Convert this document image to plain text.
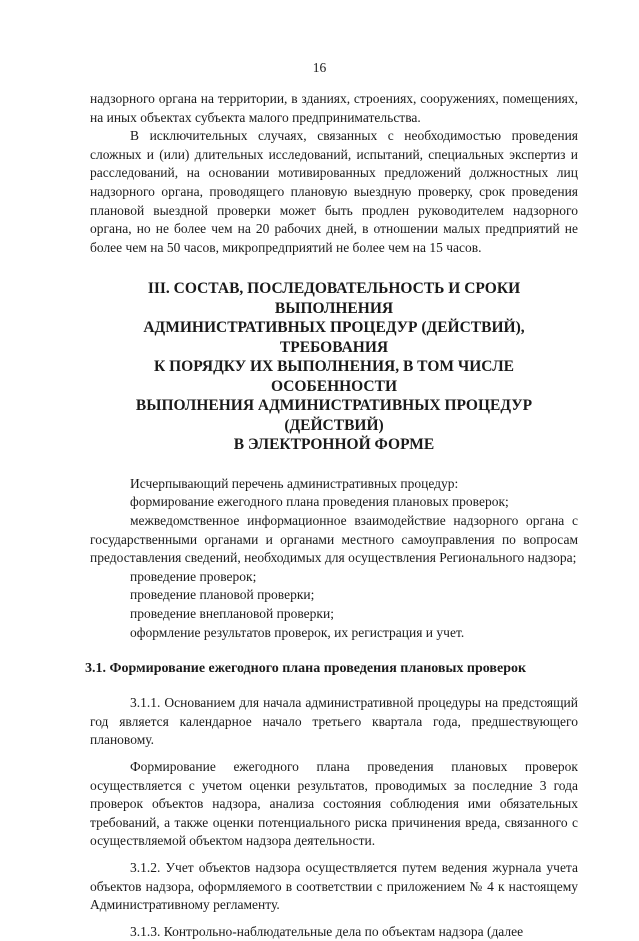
16

надзорного органа на территории, в зданиях, строениях, сооружениях, помещениях, на иных объектах субъекта малого предпринимательства.

В исключительных случаях, связанных с необходимостью проведения сложных и (или) длительных исследований, испытаний, специальных экспертиз и расследований, на основании мотивированных предложений должностных лиц надзорного органа, проводящего плановую выездную проверку, срок проведения плановой выездной проверки может быть продлен руководителем надзорного органа, но не более чем на 20 рабочих дней, в отношении малых предприятий не более чем на 50 часов, микропредприятий не более чем на 15 часов.

III. СОСТАВ, ПОСЛЕДОВАТЕЛЬНОСТЬ И СРОКИ ВЫПОЛНЕНИЯ
АДМИНИСТРАТИВНЫХ ПРОЦЕДУР (ДЕЙСТВИЙ), ТРЕБОВАНИЯ
К ПОРЯДКУ ИХ ВЫПОЛНЕНИЯ, В ТОМ ЧИСЛЕ ОСОБЕННОСТИ
ВЫПОЛНЕНИЯ АДМИНИСТРАТИВНЫХ ПРОЦЕДУР (ДЕЙСТВИЙ)
В ЭЛЕКТРОННОЙ ФОРМЕ

Исчерпывающий перечень административных процедур:

формирование ежегодного плана проведения плановых проверок;

межведомственное информационное взаимодействие надзорного органа с государственными органами и органами местного самоуправления по вопросам предоставления сведений, необходимых для осуществления Регионального надзора;

проведение проверок;

проведение плановой проверки;

проведение внеплановой проверки;

оформление результатов проверок, их регистрация и учет.

3.1. Формирование ежегодного плана проведения плановых проверок

3.1.1. Основанием для начала административной процедуры на предстоящий год является календарное начало третьего квартала года, предшествующего плановому.

Формирование ежегодного плана проведения плановых проверок осуществляется с учетом оценки результатов, проводимых за последние 3 года проверок объектов надзора, анализа состояния соблюдения ими обязательных требований, а также оценки потенциального риска причинения вреда, связанного с осуществляемой объектом надзора деятельности.

3.1.2. Учет объектов надзора осуществляется путем ведения журнала учета объектов надзора, оформляемого в соответствии с приложением № 4 к настоящему Административному регламенту.

3.1.3. Контрольно-наблюдательные дела по объектам надзора (далее
